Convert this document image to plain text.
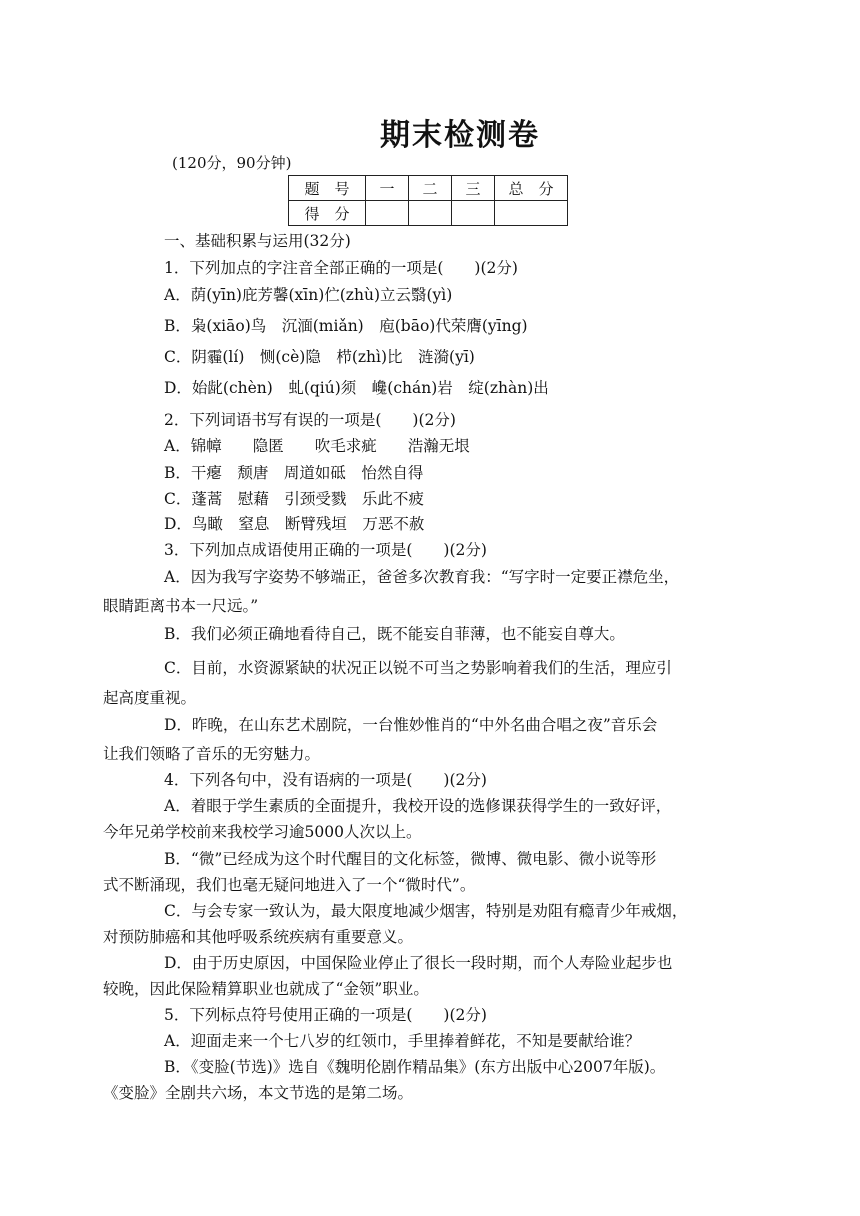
期末检测卷
(120分，90分钟)
题　号	一	二	三	总　分
得　分				
一、基础积累与运用(32分)
1．下列加点的字注音全部正确的一项是(　　)(2分)
A．荫(yīn)庇芳馨(xīn)伫(zhù)立云翳(yì)
B．枭(xiāo)鸟　沉湎(miǎn)　庖(bāo)代荣膺(yīng)
C．阴霾(lí)　恻(cè)隐　栉(zhì)比　涟漪(yī)
D．始龀(chèn)　虬(qiú)须　巉(chán)岩　绽(zhàn)出
2．下列词语书写有误的一项是(　　)(2分)
A．锦幛　　隐匿　　吹毛求疵　　浩瀚无垠
B．干瘪　颓唐　周道如砥　怡然自得
C．蓬蒿　慰藉　引颈受戮　乐此不疲
D．鸟瞰　窒息　断臂残垣　万恶不赦
3．下列加点成语使用正确的一项是(　　)(2分)
A．因为我写字姿势不够端正，爸爸多次教育我：“写字时一定要正襟危坐，
眼睛距离书本一尺远。”
B．我们必须正确地看待自己，既不能妄自菲薄，也不能妄自尊大。
C．目前，水资源紧缺的状况正以锐不可当之势影响着我们的生活，理应引
起高度重视。
D．昨晚，在山东艺术剧院，一台惟妙惟肖的“中外名曲合唱之夜”音乐会
让我们领略了音乐的无穷魅力。
4．下列各句中，没有语病的一项是(　　)(2分)
A．着眼于学生素质的全面提升，我校开设的选修课获得学生的一致好评，
今年兄弟学校前来我校学习逾5000人次以上。
B．“微”已经成为这个时代醒目的文化标签，微博、微电影、微小说等形
式不断涌现，我们也毫无疑问地进入了一个“微时代”。
C．与会专家一致认为，最大限度地减少烟害，特别是劝阻有瘾青少年戒烟，
对预防肺癌和其他呼吸系统疾病有重要意义。
D．由于历史原因，中国保险业停止了很长一段时期，而个人寿险业起步也
较晚，因此保险精算职业也就成了“金领”职业。
5．下列标点符号使用正确的一项是(　　)(2分)
A．迎面走来一个七八岁的红领巾，手里捧着鲜花，不知是要献给谁？
B．《变脸(节选)》选自《魏明伦剧作精品集》(东方出版中心2007年版)。
《变脸》全剧共六场，本文节选的是第二场。
